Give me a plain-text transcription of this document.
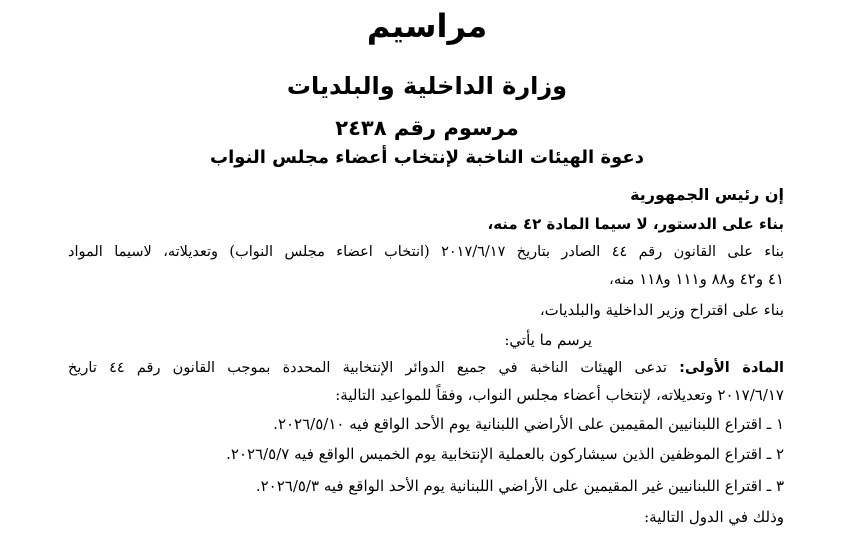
مراسيم
وزارة الداخلية والبلديات
مرسوم رقم ٢٤٣٨
دعوة الهيئات الناخبة لإنتخاب أعضاء مجلس النواب
إن رئيس الجمهورية
بناء على الدستور، لا سيما المادة ٤٢ منه،
بناء على القانون رقم ٤٤ الصادر بتاريخ ٢٠١٧/٦/١٧ (انتخاب اعضاء مجلس النواب) وتعديلاته، لاسيما المواد
٤١ و٤٢ و٨٨ و١١١ و١١٨ منه،
بناء على اقتراح وزير الداخلية والبلديات،
يرسم ما يأتي:
المادة الأولى: تدعى الهيئات الناخبة في جميع الدوائر الإنتخابية المحددة بموجب القانون رقم ٤٤ تاريخ
٢٠١٧/٦/١٧ وتعديلاته، لإنتخاب أعضاء مجلس النواب، وفقاً للمواعيد التالية:
١ ـ اقتراع اللبنانيين المقيمين على الأراضي اللبنانية يوم الأحد الواقع فيه ٢٠٢٦/٥/١٠.
٢ ـ اقتراع الموظفين الذين سيشاركون بالعملية الإنتخابية يوم الخميس الواقع فيه ٢٠٢٦/٥/٧.
٣ ـ اقتراع اللبنانيين غير المقيمين على الأراضي اللبنانية يوم الأحد الواقع فيه ٢٠٢٦/٥/٣.
وذلك في الدول التالية:
